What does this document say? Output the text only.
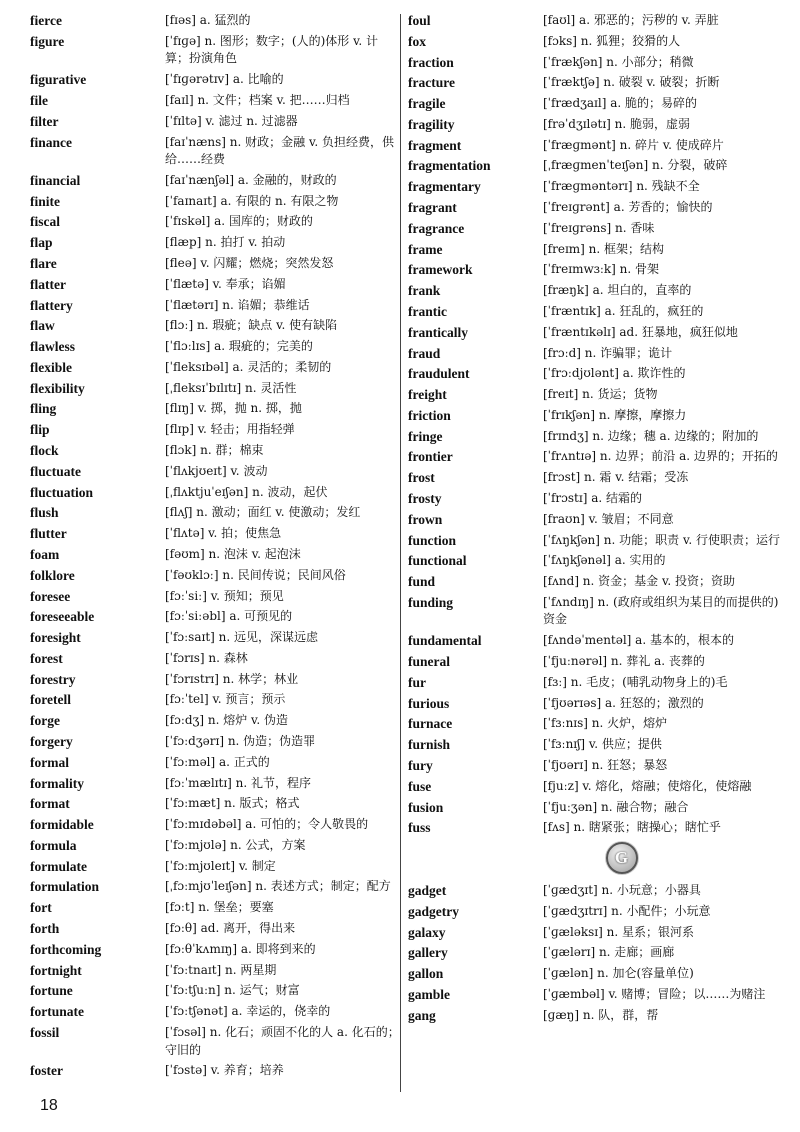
fierce	[fɪəs] a. 猛烈的
figure	[ˈfɪɡə] n. 图形；数字；(人的)体形 v. 计算；扮演角色
figurative	[ˈfɪɡərətɪv] a. 比喻的
file	[faɪl] n. 文件；档案 v. 把……归档
filter	[ˈfɪltə] v. 滤过 n. 过滤器
finance	[faɪˈnæns] n. 财政；金融 v. 负担经费，供给……经费
financial	[faɪˈnænʃəl] a. 金融的，财政的
finite	[ˈfaɪnaɪt] a. 有限的 n. 有限之物
fiscal	[ˈfɪskəl] a. 国库的；财政的
flap	[flæp] n. 拍打 v. 拍动
flare	[fleə] v. 闪耀；燃烧；突然发怒
flatter	[ˈflætə] v. 奉承；谄媚
flattery	[ˈflætərɪ] n. 谄媚；恭维话
flaw	[flɔː] n. 瑕疵；缺点 v. 使有缺陷
flawless	[ˈflɔːlɪs] a. 瑕疵的；完美的
flexible	[ˈfleksɪbəl] a. 灵活的；柔韧的
flexibility	[ˌfleksɪˈbɪlɪtɪ] n. 灵活性
fling	[flɪŋ] v. 掷，抛 n. 掷，抛
flip	[flɪp] v. 轻击；用指轻弹
flock	[flɔk] n. 群；棉束
fluctuate	[ˈflʌkjʊeɪt] v. 波动
fluctuation	[ˌflʌktjuˈeɪʃən] n. 波动，起伏
flush	[flʌʃ] n. 激动；面红 v. 使激动；发红
flutter	[ˈflʌtə] v. 拍；使焦急
foam	[fəʊm] n. 泡沫 v. 起泡沫
folklore	[ˈfəʊklɔː] n. 民间传说；民间风俗
foresee	[fɔːˈsiː] v. 预知；预见
foreseeable	[fɔːˈsiːəbl] a. 可预见的
foresight	[ˈfɔːsaɪt] n. 远见，深谋远虑
forest	[ˈfɔrɪs] n. 森林
forestry	[ˈfɔrɪstrɪ] n. 林学；林业
foretell	[fɔːˈtel] v. 预言；预示
forge	[fɔːdʒ] n. 熔炉 v. 伪造
forgery	[ˈfɔːdʒərɪ] n. 伪造；伪造罪
formal	[ˈfɔːməl] a. 正式的
formality	[fɔːˈmælɪtɪ] n. 礼节，程序
format	[ˈfɔːmæt] n. 版式；格式
formidable	[ˈfɔːmɪdəbəl] a. 可怕的；令人敬畏的
formula	[ˈfɔːmjʊlə] n. 公式，方案
formulate	[ˈfɔːmjʊleɪt] v. 制定
formulation	[ˌfɔːmjʊˈleɪʃən] n. 表述方式；制定；配方
fort	[fɔːt] n. 堡垒；要塞
forth	[fɔːθ] ad. 离开，得出来
forthcoming	[fɔːθˈkʌmɪŋ] a. 即将到来的
fortnight	[ˈfɔːtnaɪt] n. 两星期
fortune	[ˈfɔːtʃuːn] n. 运气；财富
fortunate	[ˈfɔːtʃənət] a. 幸运的，侥幸的
fossil	[ˈfɔsəl] n. 化石；顽固不化的人 a. 化石的；守旧的
foster	[ˈfɔstə] v. 养育；培养
foul	[faʊl] a. 邪恶的；污秽的 v. 弄脏
fox	[fɔks] n. 狐狸；狡猾的人
fraction	[ˈfrækʃən] n. 小部分；稍微
fracture	[ˈfræktʃə] n. 破裂 v. 破裂；折断
fragile	[ˈfrædʒaɪl] a. 脆的；易碎的
fragility	[frəˈdʒɪlətɪ] n. 脆弱，虚弱
fragment	[ˈfræɡmənt] n. 碎片 v. 使成碎片
fragmentation	[ˌfræɡmenˈteɪʃən] n. 分裂，破碎
fragmentary	[ˈfræɡməntərɪ] n. 残缺不全
fragrant	[ˈfreɪɡrənt] a. 芳香的；愉快的
fragrance	[ˈfreɪɡrəns] n. 香味
frame	[freɪm] n. 框架；结构
framework	[ˈfreɪmwɜːk] n. 骨架
frank	[fræŋk] a. 坦白的，直率的
frantic	[ˈfræntɪk] a. 狂乱的，疯狂的
frantically	[ˈfræntɪkəlɪ] ad. 狂暴地，疯狂似地
fraud	[frɔːd] n. 诈骗罪；诡计
fraudulent	[ˈfrɔːdjʊlənt] a. 欺诈性的
freight	[freɪt] n. 货运；货物
friction	[ˈfrɪkʃən] n. 摩擦，摩擦力
fringe	[frɪndʒ] n. 边缘；穗 a. 边缘的；附加的
frontier	[ˈfrʌntɪə] n. 边界；前沿 a. 边界的；开拓的
frost	[frɔst] n. 霜 v. 结霜；受冻
frosty	[ˈfrɔstɪ] a. 结霜的
frown	[fraʊn] v. 皱眉；不同意
function	[ˈfʌŋkʃən] n. 功能；职责 v. 行使职责；运行
functional	[ˈfʌŋkʃənəl] a. 实用的
fund	[fʌnd] n. 资金；基金 v. 投资；资助
funding	[ˈfʌndɪŋ] n. (政府或组织为某目的而提供的)资金
fundamental	[fʌndəˈmentəl] a. 基本的，根本的
funeral	[ˈfjuːnərəl] n. 葬礼 a. 丧葬的
fur	[fɜː] n. 毛皮；(哺乳动物身上的)毛
furious	[ˈfjʊərɪəs] a. 狂怒的；激烈的
furnace	[ˈfɜːnɪs] n. 火炉，熔炉
furnish	[ˈfɜːnɪʃ] v. 供应；提供
fury	[ˈfjʊərɪ] n. 狂怒；暴怒
fuse	[fjuːz] v. 熔化，熔融；使熔化，使熔融
fusion	[ˈfjuːʒən] n. 融合物；融合
fuss	[fʌs] n. 瞎紧张；瞎操心；瞎忙乎
G
gadget	[ˈɡædʒɪt] n. 小玩意；小器具
gadgetry	[ˈɡædʒɪtrɪ] n. 小配件；小玩意
galaxy	[ˈɡæləksɪ] n. 星系；银河系
gallery	[ˈɡælərɪ] n. 走廊；画廊
gallon	[ˈɡælən] n. 加仑(容量单位)
gamble	[ˈɡæmbəl] v. 赌博；冒险；以……为赌注
gang	[ɡæŋ] n. 队，群，帮
18
